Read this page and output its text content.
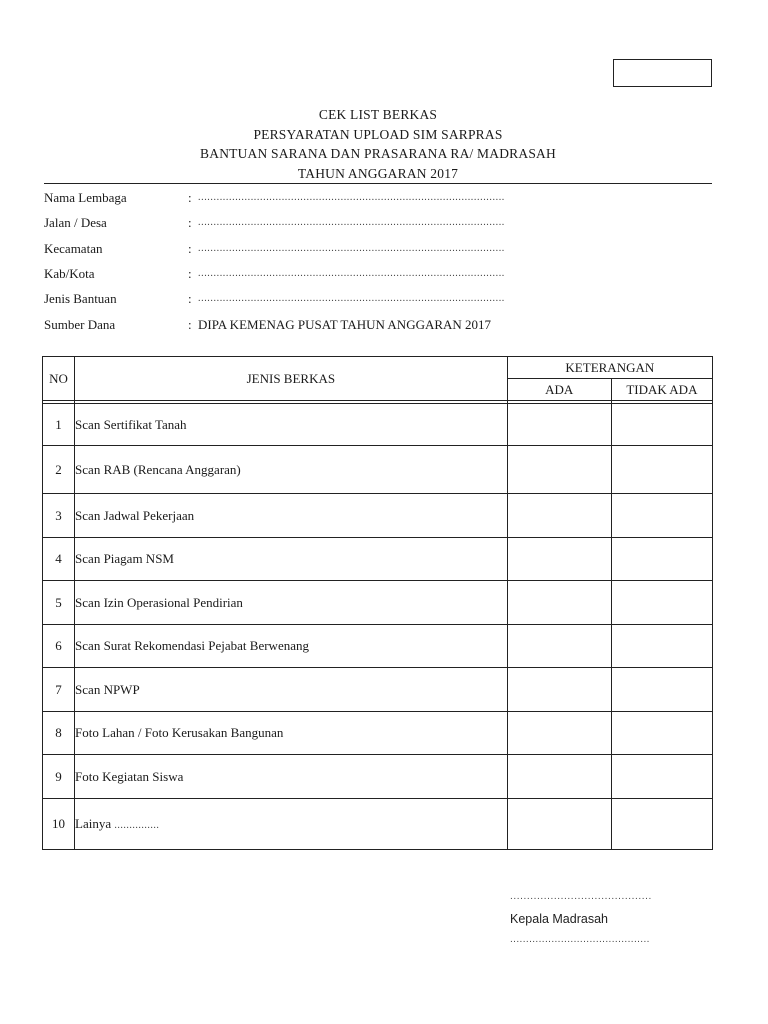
CEK LIST BERKAS
PERSYARATAN UPLOAD SIM SARPRAS
BANTUAN SARANA DAN PRASARANA RA/ MADRASAH
TAHUN ANGGARAN 2017
Nama Lembaga	: ...................................................................................................
Jalan / Desa	: ...................................................................................................
Kecamatan	: ...................................................................................................
Kab/Kota	: ...................................................................................................
Jenis Bantuan	: ...................................................................................................
Sumber Dana	: DIPA KEMENAG PUSAT TAHUN ANGGARAN 2017
NO	JENIS BERKAS	KETERANGAN	
		ADA	TIDAK ADA

1	Scan Sertifikat Tanah		
2	Scan RAB (Rencana Anggaran)		
3	Scan Jadwal Pekerjaan		
4	Scan Piagam NSM		
5	Scan Izin Operasional Pendirian		
6	Scan Surat Rekomendasi Pejabat Berwenang		
7	Scan NPWP		
8	Foto Lahan / Foto Kerusakan Bangunan		
9	Foto Kegiatan Siswa		
10	Lainya ...............		
..........................................
Kepala Madrasah
............................................
